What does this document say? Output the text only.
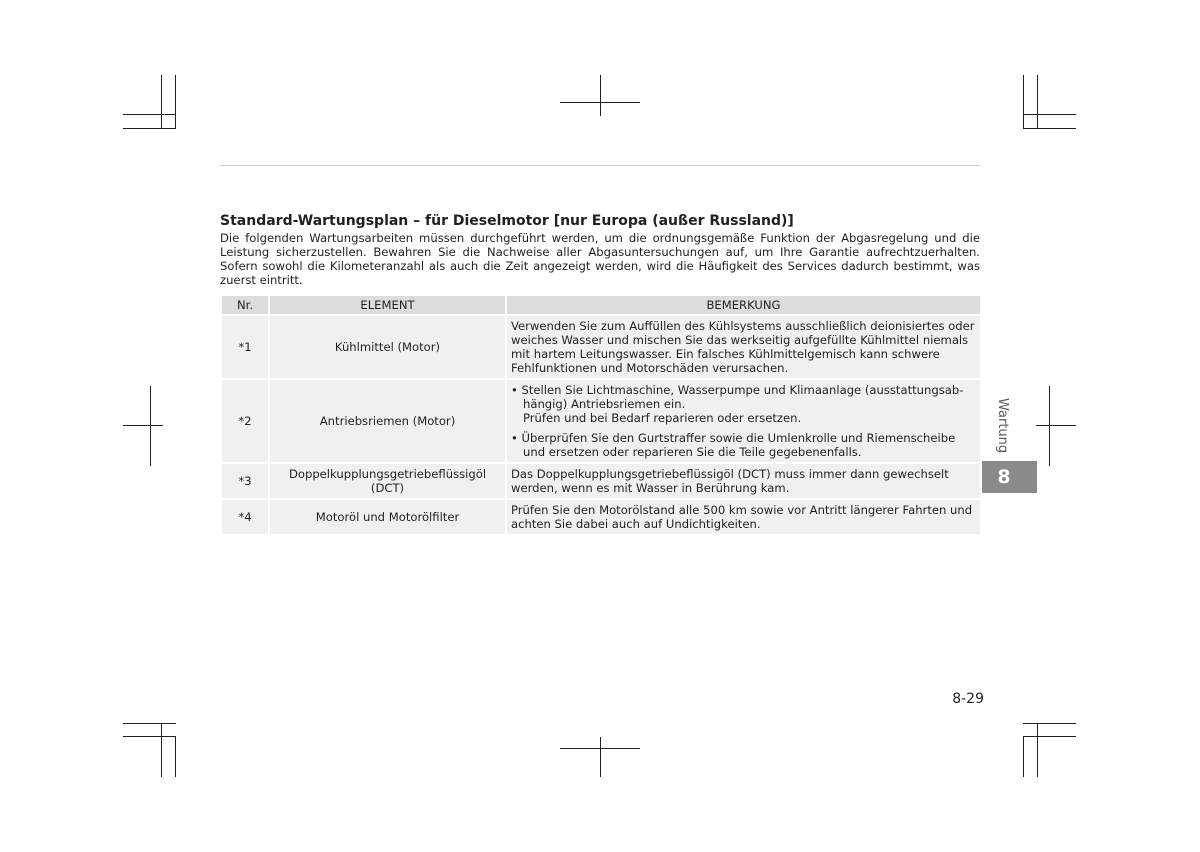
Standard-Wartungsplan – für Dieselmotor [nur Europa (außer Russland)]

Die folgenden Wartungsarbeiten müssen durchgeführt werden, um die ordnungsgemäße Funktion der Abgasregelung und die Leistung sicherzustellen. Bewahren Sie die Nachweise aller Abgasuntersuchungen auf, um Ihre Garantie aufrechtzuerhalten. Sofern sowohl die Kilometeranzahl als auch die Zeit angezeigt werden, wird die Häufigkeit des Services dadurch bestimmt, was zuerst eintritt.

Nr.	ELEMENT	BEMERKUNG
*1	Kühlmittel (Motor)	Verwenden Sie zum Auffüllen des Kühlsystems ausschließlich deionisiertes oder weiches Wasser und mischen Sie das werkseitig aufgefüllte Kühlmittel niemals mit hartem Leitungswasser. Ein falsches Kühlmittelgemisch kann schwere Fehlfunktionen und Motorschäden verursachen.
*2	Antriebsriemen (Motor)	• Stellen Sie Lichtmaschine, Wasserpumpe und Klimaanlage (ausstattungsab-hängig) Antriebsriemen ein.

Prüfen und bei Bedarf reparieren oder ersetzen.

• Überprüfen Sie den Gurtstraffer sowie die Umlenkrolle und Riemenscheibe und ersetzen oder reparieren Sie die Teile gegebenenfalls.

*3	Doppelkupplungsgetriebeflüssigöl (DCT)	Das Doppelkupplungsgetriebeflüssigöl (DCT) muss immer dann gewechselt werden, wenn es mit Wasser in Berührung kam.
*4	Motoröl und Motorölfilter	Prüfen Sie den Motorölstand alle 500 km sowie vor Antritt längerer Fahrten und achten Sie dabei auch auf Undichtigkeiten.
Wartung
8
8-29
